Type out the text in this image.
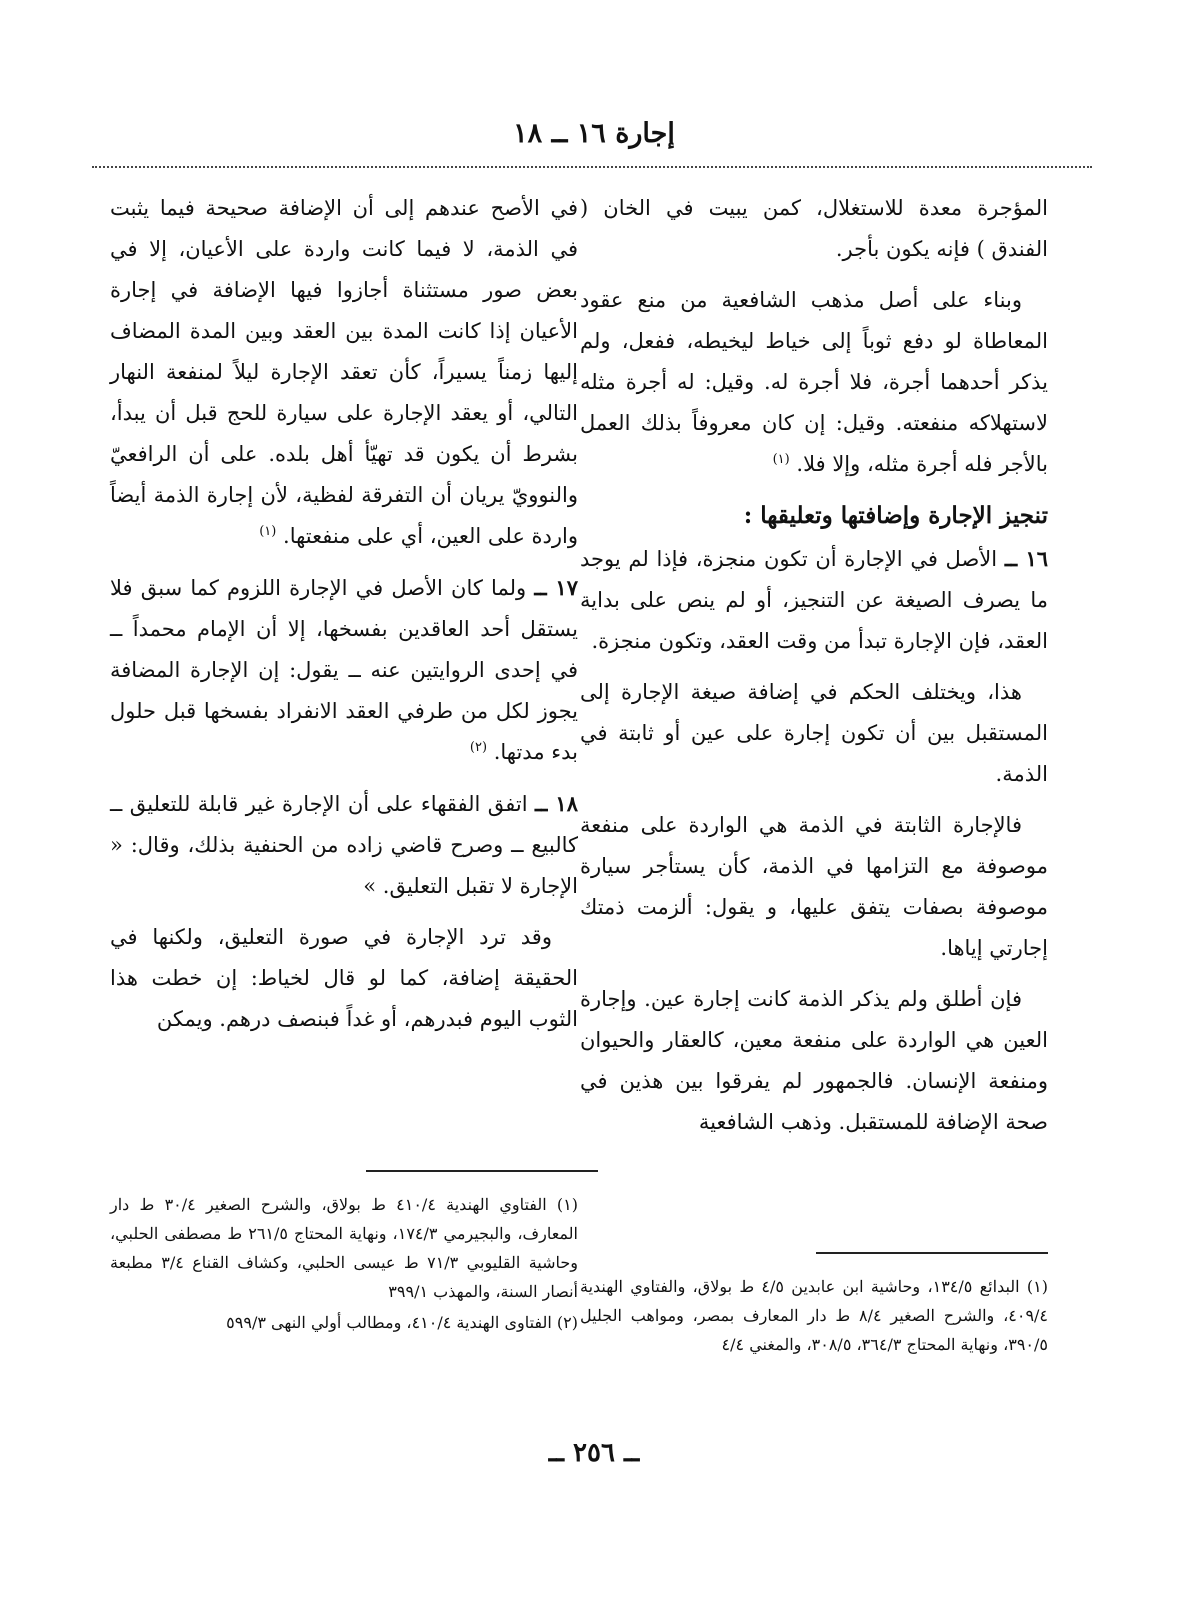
إجارة ١٦ ــ ١٨

المؤجرة معدة للاستغلال، كمن يبيت في الخان ( الفندق ) فإنه يكون بأجر.

وبناء على أصل مذهب الشافعية من منع عقود المعاطاة لو دفع ثوباً إلى خياط ليخيطه، ففعل، ولم يذكر أحدهما أجرة، فلا أجرة له. وقيل: له أجرة مثله لاستهلاكه منفعته. وقيل: إن كان معروفاً بذلك العمل بالأجر فله أجرة مثله، وإلا فلا. $^{(١)}$

تنجيز الإجارة وإضافتها وتعليقها :

١٦ ــ الأصل في الإجارة أن تكون منجزة، فإذا لم يوجد ما يصرف الصيغة عن التنجيز، أو لم ينص على بداية العقد، فإن الإجارة تبدأ من وقت العقد، وتكون منجزة.

هذا، ويختلف الحكم في إضافة صيغة الإجارة إلى المستقبل بين أن تكون إجارة على عين أو ثابتة في الذمة.

فالإجارة الثابتة في الذمة هي الواردة على منفعة موصوفة مع التزامها في الذمة، كأن يستأجر سيارة موصوفة بصفات يتفق عليها، و يقول: ألزمت ذمتك إجارتي إياها.

فإن أطلق ولم يذكر الذمة كانت إجارة عين. وإجارة العين هي الواردة على منفعة معين، كالعقار والحيوان ومنفعة الإنسان. فالجمهور لم يفرقوا بين هذين في صحة الإضافة للمستقبل. وذهب الشافعية

في الأصح عندهم إلى أن الإضافة صحيحة فيما يثبت في الذمة، لا فيما كانت واردة على الأعيان، إلا في بعض صور مستثناة أجازوا فيها الإضافة في إجارة الأعيان إذا كانت المدة بين العقد وبين المدة المضاف إليها زمناً يسيراً، كأن تعقد الإجارة ليلاً لمنفعة النهار التالي، أو يعقد الإجارة على سيارة للحج قبل أن يبدأ، بشرط أن يكون قد تهيّأ أهل بلده. على أن الرافعيّ والنوويّ يريان أن التفرقة لفظية، لأن إجارة الذمة أيضاً واردة على العين، أي على منفعتها. $^{(١)}$

١٧ ــ ولما كان الأصل في الإجارة اللزوم كما سبق فلا يستقل أحد العاقدين بفسخها، إلا أن الإمام محمداً ــ في إحدى الروايتين عنه ــ يقول: إن الإجارة المضافة يجوز لكل من طرفي العقد الانفراد بفسخها قبل حلول بدء مدتها. $^{(٢)}$

١٨ ــ اتفق الفقهاء على أن الإجارة غير قابلة للتعليق ــ كالبيع ــ وصرح قاضي زاده من الحنفية بذلك، وقال: « الإجارة لا تقبل التعليق. »

وقد ترد الإجارة في صورة التعليق، ولكنها في الحقيقة إضافة، كما لو قال لخياط: إن خطت هذا الثوب اليوم فبدرهم، أو غداً فبنصف درهم. ويمكن

(١) البدائع ١٣٤/٥، وحاشية ابن عابدين ٤/٥ ط بولاق، والفتاوي الهندية ٤٠٩/٤، والشرح الصغير ٨/٤ ط دار المعارف بمصر، ومواهب الجليل ٣٩٠/٥، ونهاية المحتاج ٣٦٤/٣، ٣٠٨/٥، والمغني ٤/٤

(١) الفتاوي الهندية ٤١٠/٤ ط بولاق، والشرح الصغير ٣٠/٤ ط دار المعارف، والبجيرمي ١٧٤/٣، ونهاية المحتاج ٢٦١/٥ ط مصطفى الحلبي، وحاشية القليوبي ٧١/٣ ط عيسى الحلبي، وكشاف القناع ٣/٤ مطبعة أنصار السنة، والمهذب ٣٩٩/١

(٢) الفتاوى الهندية ٤١٠/٤، ومطالب أولي النهى ٥٩٩/٣

ــ ٢٥٦ ــ
